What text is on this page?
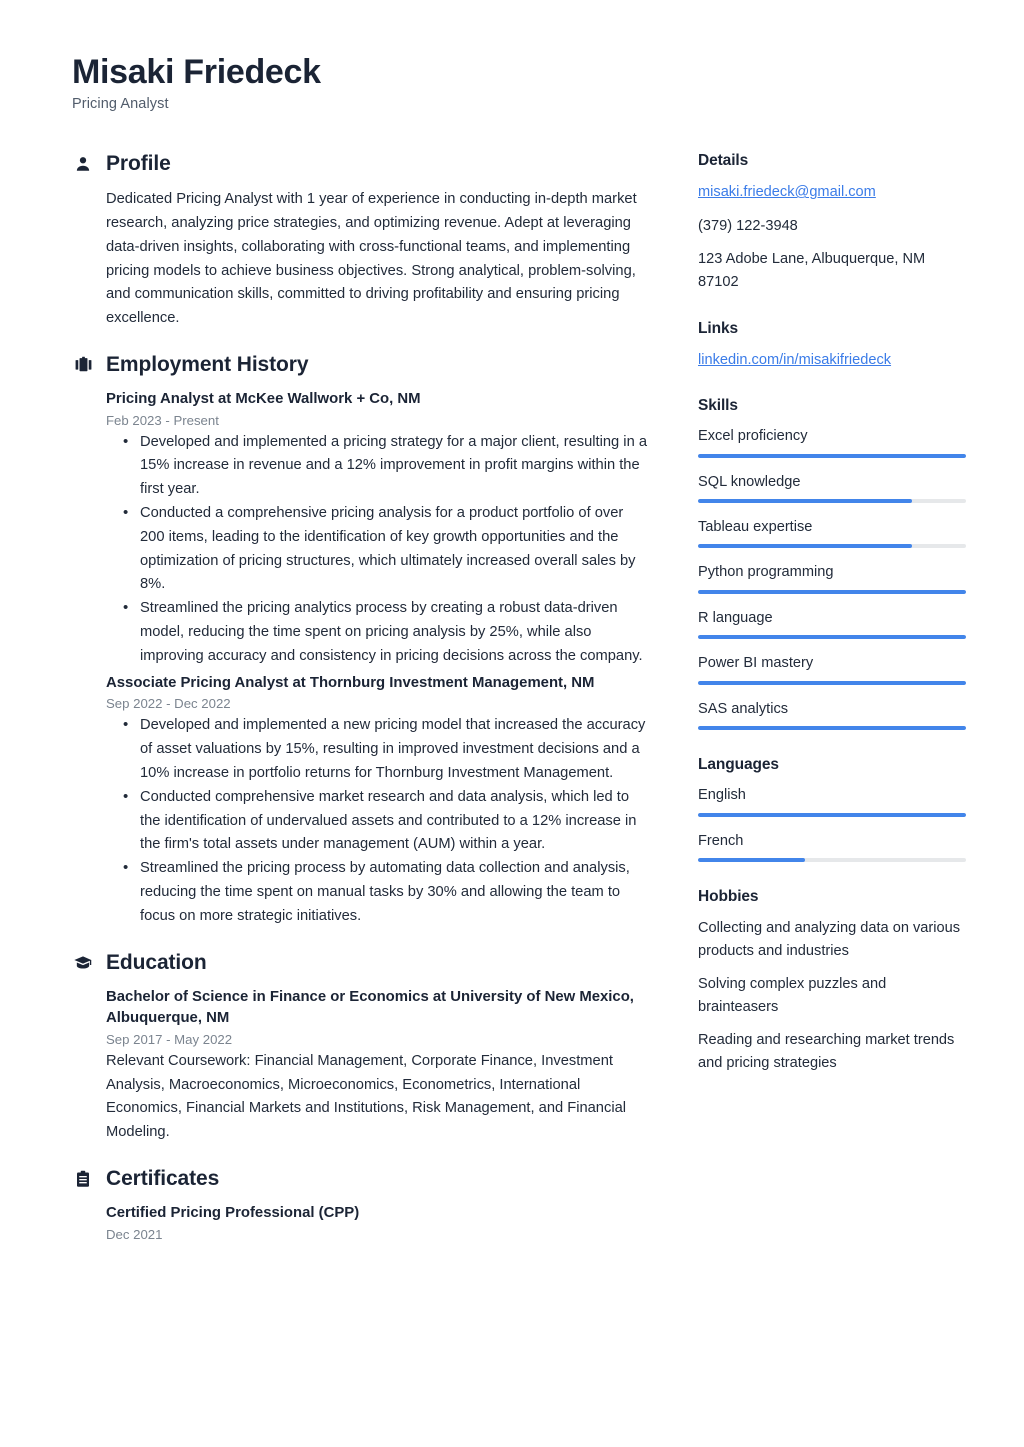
Misaki Friedeck
Pricing Analyst
Profile

Dedicated Pricing Analyst with 1 year of experience in conducting in-depth market research, analyzing price strategies, and optimizing revenue. Adept at leveraging data-driven insights, collaborating with cross-functional teams, and implementing pricing models to achieve business objectives. Strong analytical, problem-solving, and communication skills, committed to driving profitability and ensuring pricing excellence.

Employment History
Pricing Analyst at McKee Wallwork + Co, NM
Feb 2023 - Present
• Developed and implemented a pricing strategy for a major client, resulting in a 15% increase in revenue and a 12% improvement in profit margins within the first year.
• Conducted a comprehensive pricing analysis for a product portfolio of over 200 items, leading to the identification of key growth opportunities and the optimization of pricing structures, which ultimately increased overall sales by 8%.
• Streamlined the pricing analytics process by creating a robust data-driven model, reducing the time spent on pricing analysis by 25%, while also improving accuracy and consistency in pricing decisions across the company.
Associate Pricing Analyst at Thornburg Investment Management, NM
Sep 2022 - Dec 2022
• Developed and implemented a new pricing model that increased the accuracy of asset valuations by 15%, resulting in improved investment decisions and a 10% increase in portfolio returns for Thornburg Investment Management.
• Conducted comprehensive market research and data analysis, which led to the identification of undervalued assets and contributed to a 12% increase in the firm's total assets under management (AUM) within a year.
• Streamlined the pricing process by automating data collection and analysis, reducing the time spent on manual tasks by 30% and allowing the team to focus on more strategic initiatives.
Education
Bachelor of Science in Finance or Economics at University of New Mexico, Albuquerque, NM
Sep 2017 - May 2022
Relevant Coursework: Financial Management, Corporate Finance, Investment Analysis, Macroeconomics, Microeconomics, Econometrics, International Economics, Financial Markets and Institutions, Risk Management, and Financial Modeling.
Certificates
Certified Pricing Professional (CPP)
Dec 2021
Details
misaki.friedeck@gmail.com
(379) 122-3948
123 Adobe Lane, Albuquerque, NM 87102
Links
linkedin.com/in/misakifriedeck
Skills
Excel proficiency
SQL knowledge
Tableau expertise
Python programming
R language
Power BI mastery
SAS analytics
Languages
English
French
Hobbies
Collecting and analyzing data on various products and industries
Solving complex puzzles and brainteasers
Reading and researching market trends and pricing strategies
